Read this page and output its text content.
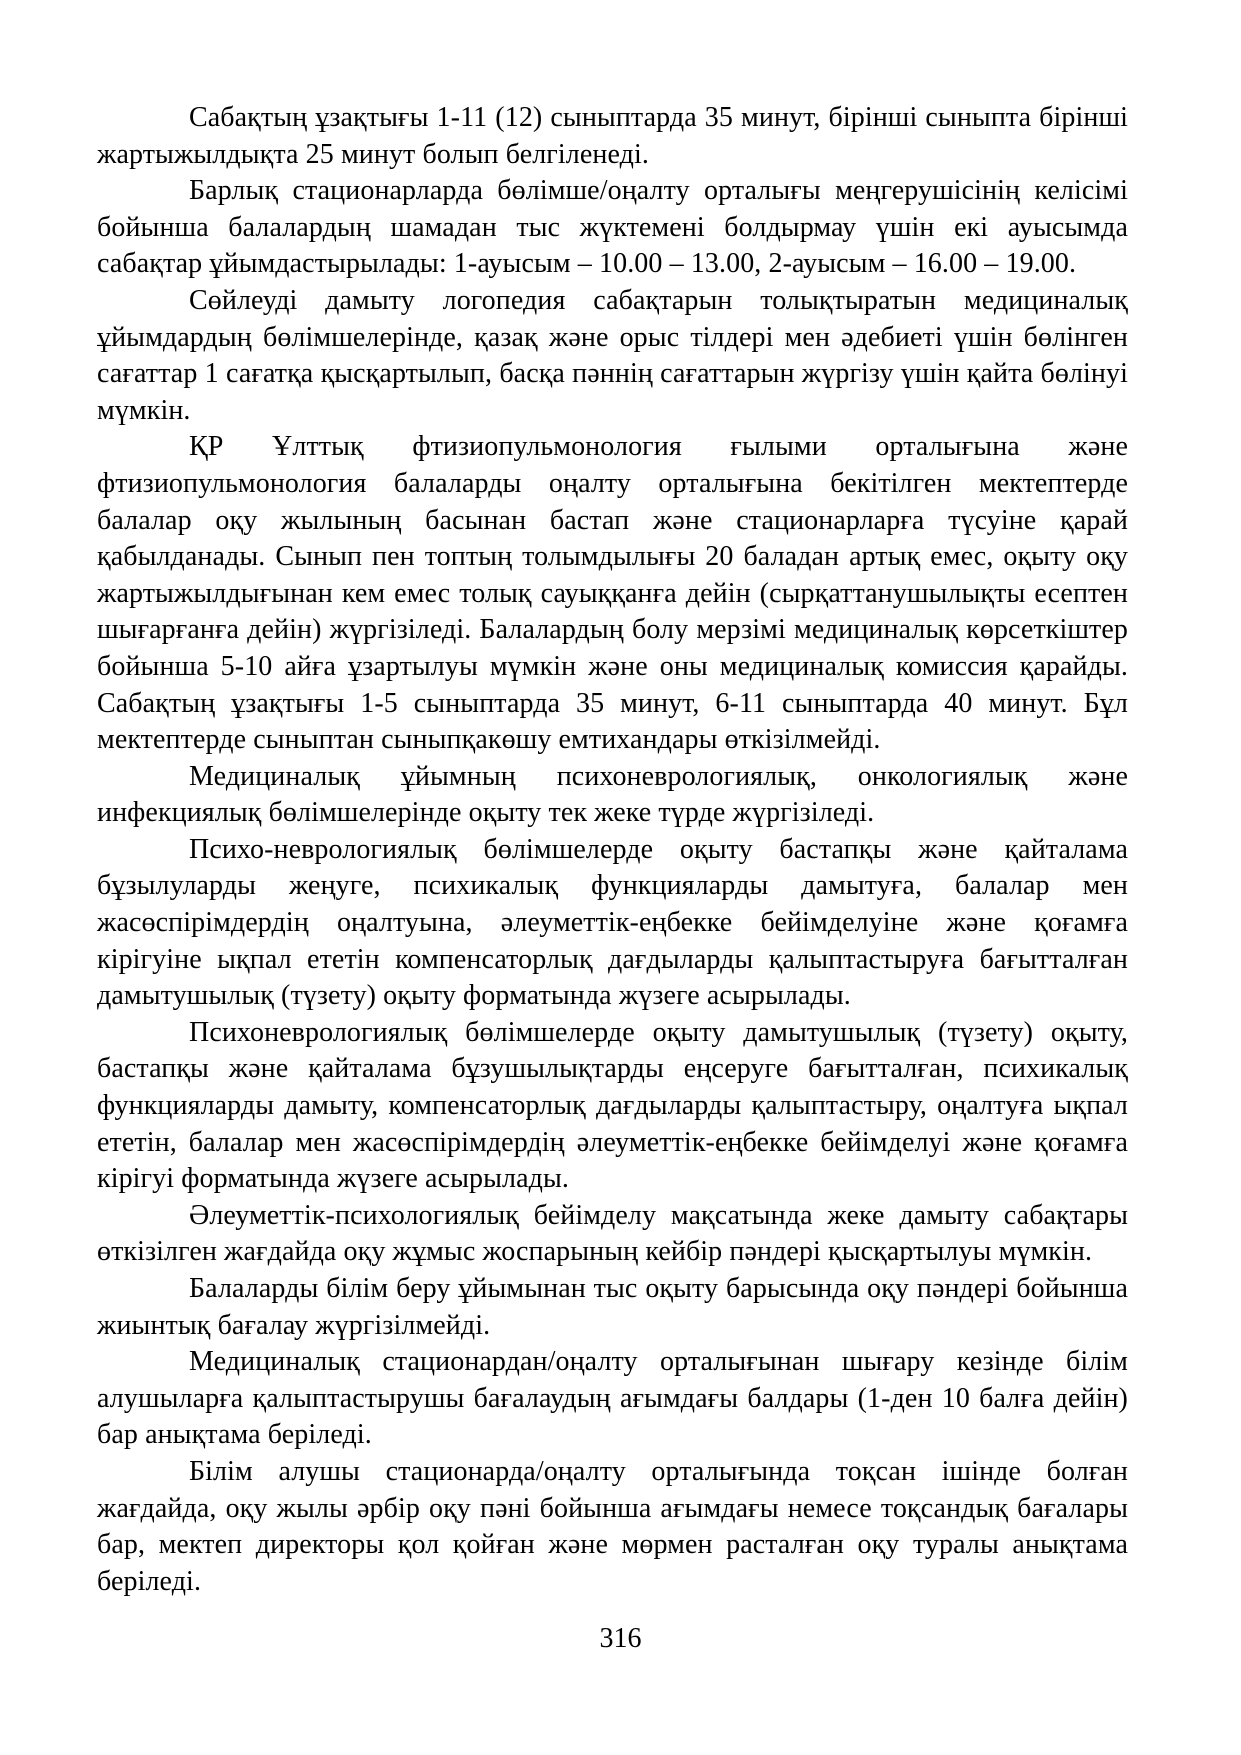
Сабақтың ұзақтығы 1-11 (12) сыныптарда 35 минут, бірінші сыныпта бірінші жартыжылдықта 25 минут болып белгіленеді.

Барлық стационарларда бөлімше/оңалту орталығы меңгерушісінің келісімі бойынша балалардың шамадан тыс жүктемені болдырмау үшін екі ауысымда сабақтар ұйымдастырылады: 1-ауысым – 10.00 – 13.00, 2-ауысым – 16.00 – 19.00.

Сөйлеуді дамыту логопедия сабақтарын толықтыратын медициналық ұйымдардың бөлімшелерінде, қазақ және орыс тілдері мен әдебиеті үшін бөлінген сағаттар 1 сағатқа қысқартылып, басқа пәннің сағаттарын жүргізу үшін қайта бөлінуі мүмкін.

ҚР Ұлттық фтизиопульмонология ғылыми орталығына және фтизиопульмонология балаларды оңалту орталығына бекітілген мектептерде балалар оқу жылының басынан бастап және стационарларға түсуіне қарай қабылданады. Сынып пен топтың толымдылығы 20 баладан артық емес, оқыту оқу жартыжылдығынан кем емес толық сауыққанға дейін (сырқаттанушылықты есептен шығарғанға дейін) жүргізіледі. Балалардың болу мерзімі медициналық көрсеткіштер бойынша 5-10 айға ұзартылуы мүмкін және оны медициналық комиссия қарайды. Сабақтың ұзақтығы 1-5 сыныптарда 35 минут, 6-11 сыныптарда 40 минут. Бұл мектептерде сыныптан сыныпқакөшу емтихандары өткізілмейді.

Медициналық ұйымның психоневрологиялық, онкологиялық және инфекциялық бөлімшелерінде оқыту тек жеке түрде жүргізіледі.

Психо-неврологиялық бөлімшелерде оқыту бастапқы және қайталама бұзылуларды жеңуге, психикалық функцияларды дамытуға, балалар мен жасөспірімдердің оңалтуына, әлеуметтік-еңбекке бейімделуіне және қоғамға кірігуіне ықпал ететін компенсаторлық дағдыларды қалыптастыруға бағытталған дамытушылық (түзету) оқыту форматында жүзеге асырылады.

Психоневрологиялық бөлімшелерде оқыту дамытушылық (түзету) оқыту, бастапқы және қайталама бұзушылықтарды еңсеруге бағытталған, психикалық функцияларды дамыту, компенсаторлық дағдыларды қалыптастыру, оңалтуға ықпал ететін, балалар мен жасөспірімдердің әлеуметтік-еңбекке бейімделуі және қоғамға кірігуі форматында жүзеге асырылады.

Әлеуметтік-психологиялық бейімделу мақсатында жеке дамыту сабақтары өткізілген жағдайда оқу жұмыс жоспарының кейбір пәндері қысқартылуы мүмкін.

Балаларды білім беру ұйымынан тыс оқыту барысында оқу пәндері бойынша жиынтық бағалау жүргізілмейді.

Медициналық стационардан/оңалту орталығынан шығару кезінде білім алушыларға қалыптастырушы бағалаудың ағымдағы балдары (1-ден 10 балға дейін) бар анықтама беріледі.

Білім алушы стационарда/оңалту орталығында тоқсан ішінде болған жағдайда, оқу жылы әрбір оқу пәні бойынша ағымдағы немесе тоқсандық бағалары бар, мектеп директоры қол қойған және мөрмен расталған оқу туралы анықтама беріледі.

316
